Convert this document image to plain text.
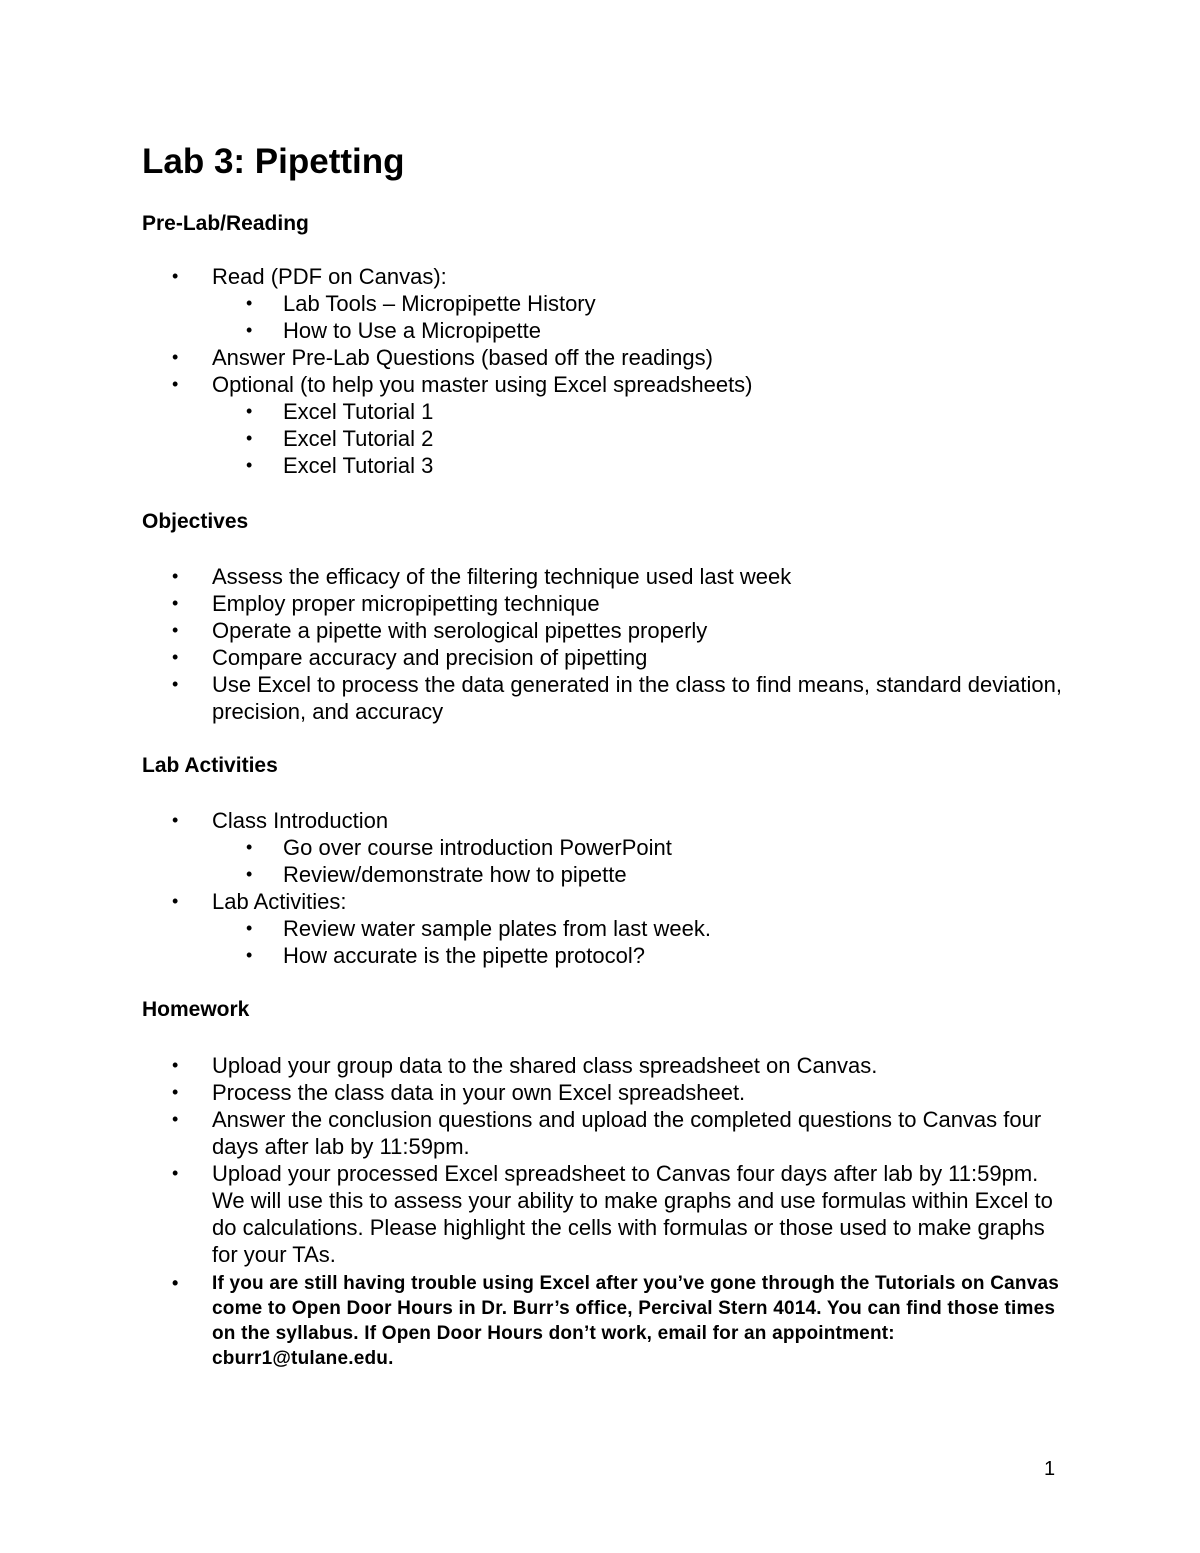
Lab 3: Pipetting
Pre-Lab/Reading
• Read (PDF on Canvas):
• Lab Tools – Micropipette History
• How to Use a Micropipette
• Answer Pre-Lab Questions (based off the readings)
• Optional (to help you master using Excel spreadsheets)
• Excel Tutorial 1
• Excel Tutorial 2
• Excel Tutorial 3
Objectives
• Assess the efficacy of the filtering technique used last week
• Employ proper micropipetting technique
• Operate a pipette with serological pipettes properly
• Compare accuracy and precision of pipetting
• Use Excel to process the data generated in the class to find means, standard deviation, precision, and accuracy
Lab Activities
• Class Introduction
• Go over course introduction PowerPoint
• Review/demonstrate how to pipette
• Lab Activities:
• Review water sample plates from last week.
• How accurate is the pipette protocol?
Homework
• Upload your group data to the shared class spreadsheet on Canvas.
• Process the class data in your own Excel spreadsheet.
• Answer the conclusion questions and upload the completed questions to Canvas four days after lab by 11:59pm.
• Upload your processed Excel spreadsheet to Canvas four days after lab by 11:59pm. We will use this to assess your ability to make graphs and use formulas within Excel to do calculations. Please highlight the cells with formulas or those used to make graphs for your TAs.
• If you are still having trouble using Excel after you’ve gone through the Tutorials on Canvas come to Open Door Hours in Dr. Burr’s office, Percival Stern 4014. You can find those times on the syllabus. If Open Door Hours don’t work, email for an appointment: cburr1@tulane.edu.
1
